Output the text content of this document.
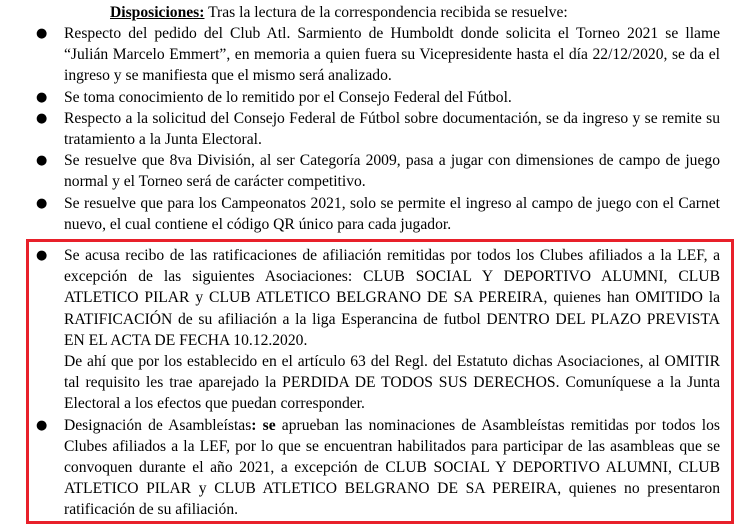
Disposiciones: Tras la lectura de la correspondencia recibida se resuelve:
● Respecto del pedido del Club Atl. Sarmiento de Humboldt donde solicita el Torneo 2021 se llame “Julián Marcelo Emmert”, en memoria a quien fuera su Vicepresidente hasta el día 22/12/2020, se da el ingreso y se manifiesta que el mismo será analizado.

● Se toma conocimiento de lo remitido por el Consejo Federal del Fútbol.

● Respecto a la solicitud del Consejo Federal de Fútbol sobre documentación, se da ingreso y se remite su tratamiento a la Junta Electoral.

● Se resuelve que 8va División, al ser Categoría 2009, pasa a jugar con dimensiones de campo de juego normal y el Torneo será de carácter competitivo.

● Se resuelve que para los Campeonatos 2021, solo se permite el ingreso al campo de juego con el Carnet nuevo, el cual contiene el código QR único para cada jugador.

● Se acusa recibo de las ratificaciones de afiliación remitidas por todos los Clubes afiliados a la LEF, a excepción de las siguientes Asociaciones: CLUB SOCIAL Y DEPORTIVO ALUMNI, CLUB ATLETICO PILAR y CLUB ATLETICO BELGRANO DE SA PEREIRA, quienes han OMITIDO la RATIFICACIÓN de su afiliación a la liga Esperancina de futbol DENTRO DEL PLAZO PREVISTA EN EL ACTA DE FECHA 10.12.2020.

De ahí que por los establecido en el artículo 63 del Regl. del Estatuto dichas Asociaciones, al OMITIR tal requisito les trae aparejado la PERDIDA DE TODOS SUS DERECHOS. Comuníquese a la Junta Electoral a los efectos que puedan corresponder.

● Designación de Asambleístas: se aprueban las nominaciones de Asambleístas remitidas por todos los Clubes afiliados a la LEF, por lo que se encuentran habilitados para participar de las asambleas que se convoquen durante el año 2021, a excepción de CLUB SOCIAL Y DEPORTIVO ALUMNI, CLUB ATLETICO PILAR y CLUB ATLETICO BELGRANO DE SA PEREIRA, quienes no presentaron ratificación de su afiliación.
